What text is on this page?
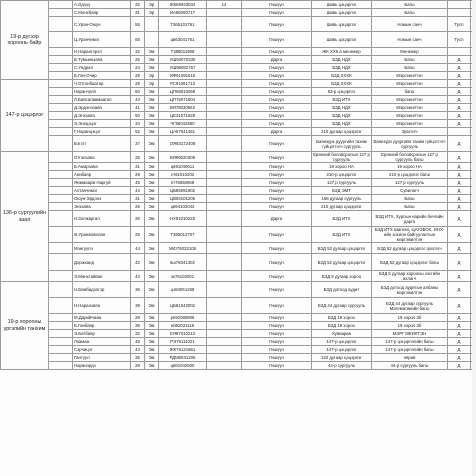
19-р дүгээр хороонь байр		А.Одхүү	32	Эр	ЖК86943034	14	Гишүүн	Шивь цэцэрлэг	Багш		
		С.Монхбаяр	31	Эр	ИА86060717		Гишүүн	Шивь цэцэрлэг	Багш		
		С.Уран-Оюун	55		Т365101761		Гишүүн	Шивь цэцэрлэг	Номын санч	Тусл	
		Ц.Уранчимэг	55		цв63041761		Гишүүн	Шивь цэцэрлэг	Номын санч	Тусл	
		Н.Нарангэрэл	32	Эм	Т388011908		Гишүүн	ЖК ХХК а менежер	Менежер		
		Б.Түвшинзаяа	26	Эм	УШ92070330		Дарга	БЗД НДХ	Багш	Д	
		С.Ундрал	24	Эм	УШ96082767		Гишүүн	БЗД НДХ	Багш	Д	
		Б.Ган-Очир	29	Эр	ИФ91091515		Гишүүн	БЗД ХХХК	Мэргэжилтэн	Д	
147-р цэцэрлэг		Ч.Отгонбаатар	29	Эр	РС91091713		Гишүүн	БЗД ХХХК	Мэргэжилтэн	Д	
		Наранчуля	60	Эм	ЦП66010069		Гишүүн	53-р цэцэрлэг	багш	Д	
		Л.Баясалиимаагал	44	Эм	ЦП76071604		Гишүүн	БЗД ИТХ	Мэргэжилтэн	Д	
		Д.Эрдэнэзаяа	41	Эм	ВЯ78030562		Гишүүн	БЗД НДХ	Мэргэжилтэн	Д	
		Д.Энхзаяа	50	Эм	ЦЕ31071628		Гишүүн	БЗД НДХ	Мэргэжилтэн	Д	
		Э.Энхцэцэг	34	Эм	ЧГ86042660		Гишүүн	БЗД НДХ	Мэргэжилтэн	Д	
		Г.Наранцэцэг	52	Эм	ЦА67041461		Дарга	210 дугаар цэцэрлэг	Эрхлэгч		
		Бэгэгт	37	Эм	ОЯ83172408		Гишүүн	Баянзүрх дүүргийн тахим гүйцэтгэгч сургууль	Баянзүрх дүүргийн тахим гүйцэтгэгч сургууль	Д	
136-р сургуулийн заал		Отгонзаяа	25	Эм	БЯ99020309		Гишүүн	Ерөнхий боловсролын 127 р сургууль	Ерөнхий боловсролын 127 р сургууль багш	Д	
		Б.Амарзаяа	31	Эм	цв91040611		Гишүүн	19 хороо НА	19 хороо НА	Д	
		Анибаяр	29	Эм	сч91010202		Гишүүн	210-р цэцэрлэг	210-р цэцэрлэг багш	Д	
		Янжмаарж Наргуй	45	Эм	пт76050669		Гишүүн	127 р сургууль	127 р сургууль	Д	
		Алтанчимэг	44	Эм	ЦБ85091902		Гишүүн	БЗД ЭМТ	Сувилагч	Д	
		Оюун-Эрдэнэ	31	Эм	ЦВ93101206		Гишүүн	168 дугаар сургууль	Багш	Д	
		Энхзаяа	26	Эм	цв94102042		Гишүүн	210 дугаар цэцэрлэг	Багш	Д	
		Н.Золжаргал	26	Эм	НУ91010225		Дарга	БЗД ИТХ	БЗД ИТХ, Хурлын нарийн бичгийн дарга	Д	
		Ө.Уранжавхлан	25	Эм	Т395012707		Гишүүн	БЗД ИТХ	БЗД ИТХ Шагнал, ЦАУЗБОХ, ИНХ-ийн зохион байгуулалтын мэргэжилтэн	Д	
		Мэнгүүлэ	44	Эм	МЮ76032105		Гишүүн	БЗД 52 дугаар цэцэрлэг	БЗД 52 дугаар цэцэрлэг эрхлэгч	Д	
		Доржханд	42	Эм	вш78041302		Гишүүн	БЗД 52 дугаар цэцэрлэг	БЗД 52 дугаар цэцэрлэг багш	Д	
		Э.Мөнхтайван	44	Эм	эк76102001		Гишүүн	БЗД 5 дугаар хороо	БЗД 5 дугаар хорооны хэсгийн ахлагч	Д	
19-р хорооны ургэлийн танхим		Н.Бямбадэлгэр	36	Эм	цэ84051268		Гишүүн	БЗД дотоод аудит	БЗД дотоод аудитын албаны мэргэжилтэн	Д	
		Н.Наранзаяа	39	Эм	ЦБ81042002		Гишүүн	БЗД 44 дугаар сургууль	БЗД 44 дугаар сургууль Математикийн багш	Д	
		М.Дарийчмаа	28	Эм	рп92080808		Гишүүн	БЗД 19 хороо	19 хороо 3б	Д	
		Б.Ганбаяр	36	Эм	ей82021115		Гишүүн	БЗД 19 хороо	19 хороо 3б	Д	
		Э.Батбаяр	32	Эм	ЕЯ87010213		Гишүүн	Хувиараа	МЭРГЭЖИЛТЭН	Д	
		Лхамаа	45	Эм	РЭ75111021		Гишүүн	147-р цэцэрлэг	147-р цэцэрлэгийн багш	Д	
		Сэрчицэг	44	Эм	ЖК76121861		Гишүүн	147-р цэцэрлэг	147-р цэцэрлэгийн багш	Д	
		Гантуул	35	Эм	РДМ0031206		Гишүүн	122 дугаар цэцэрлэг	нярав	Д	
		Наранэрдэ	28	Эм	цв81042500		Гишүүн	44-р сургууль	44-р сургууль багш	Д	
